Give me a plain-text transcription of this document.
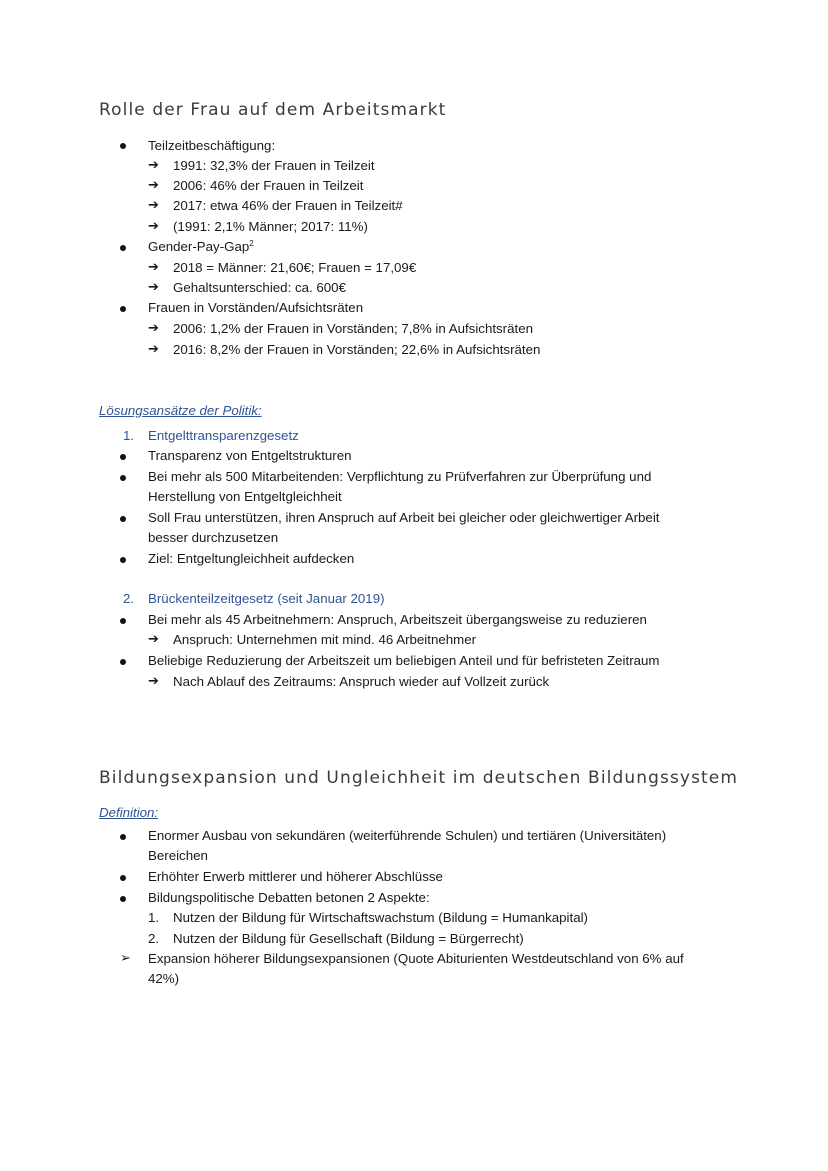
Rolle der Frau auf dem Arbeitsmarkt
Teilzeitbeschäftigung:
➔ 1991: 32,3% der Frauen in Teilzeit
➔ 2006: 46% der Frauen in Teilzeit
➔ 2017: etwa 46% der Frauen in Teilzeit#
➔ (1991: 2,1% Männer; 2017: 11%)
Gender-Pay-Gap$^2$
➔ 2018 = Männer: 21,60€; Frauen = 17,09€
➔ Gehaltsunterschied: ca. 600€
Frauen in Vorständen/Aufsichtsräten
➔ 2006: 1,2% der Frauen in Vorständen; 7,8% in Aufsichtsräten
➔ 2016: 8,2% der Frauen in Vorständen; 22,6% in Aufsichtsräten
Lösungsansätze der Politik:
1. Entgelttransparenzgesetz
Transparenz von Entgeltstrukturen
Bei mehr als 500 Mitarbeitenden: Verpflichtung zu Prüfverfahren zur Überprüfung und
Herstellung von Entgeltgleichheit
Soll Frau unterstützen, ihren Anspruch auf Arbeit bei gleicher oder gleichwertiger Arbeit
besser durchzusetzen
Ziel: Entgeltungleichheit aufdecken
2. Brückenteilzeitgesetz (seit Januar 2019)
Bei mehr als 45 Arbeitnehmern: Anspruch, Arbeitszeit übergangsweise zu reduzieren
➔ Anspruch: Unternehmen mit mind. 46 Arbeitnehmer
Beliebige Reduzierung der Arbeitszeit um beliebigen Anteil und für befristeten Zeitraum
➔ Nach Ablauf des Zeitraums: Anspruch wieder auf Vollzeit zurück
Bildungsexpansion und Ungleichheit im deutschen Bildungssystem
Definition:
Enormer Ausbau von sekundären (weiterführende Schulen) und tertiären (Universitäten)
Bereichen
Erhöhter Erwerb mittlerer und höherer Abschlüsse
Bildungspolitische Debatten betonen 2 Aspekte:
1. Nutzen der Bildung für Wirtschaftswachstum (Bildung = Humankapital)
2. Nutzen der Bildung für Gesellschaft (Bildung = Bürgerrecht)
➢ Expansion höherer Bildungsexpansionen (Quote Abiturienten Westdeutschland von 6% auf
42%)
